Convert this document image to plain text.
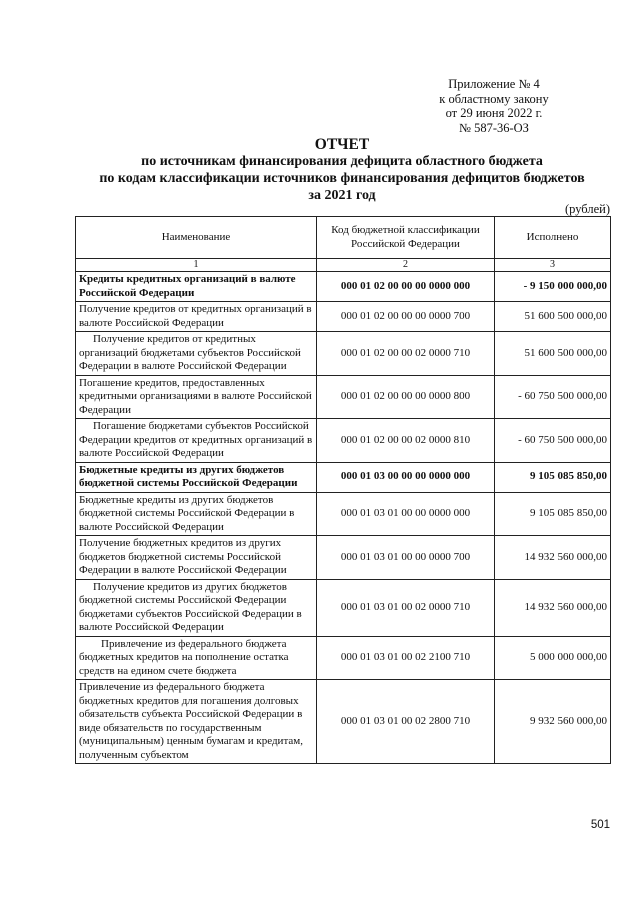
Приложение № 4
к областному закону
от 29 июня 2022 г.
№ 587-36-ОЗ
ОТЧЕТ
по источникам финансирования дефицита областного бюджета
по кодам классификации источников финансирования дефицитов бюджетов
за 2021 год
(рублей)
Наименование	Код бюджетной классификации Российской Федерации	Исполнено
1	2	3
Кредиты кредитных организаций в валюте Российской Федерации	000 01 02 00 00 00 0000 000	- 9 150 000 000,00
Получение кредитов от кредитных организаций в валюте Российской Федерации	000 01 02 00 00 00 0000 700	51 600 500 000,00
Получение кредитов от кредитных организаций бюджетами субъектов Российской Федерации в валюте Российской Федерации	000 01 02 00 00 02 0000 710	51 600 500 000,00
Погашение кредитов, предоставленных кредитными организациями в валюте Российской Федерации	000 01 02 00 00 00 0000 800	- 60 750 500 000,00
Погашение бюджетами субъектов Российской Федерации кредитов от кредитных организаций в валюте Российской Федерации	000 01 02 00 00 02 0000 810	- 60 750 500 000,00
Бюджетные кредиты из других бюджетов бюджетной системы Российской Федерации	000 01 03 00 00 00 0000 000	9 105 085 850,00
Бюджетные кредиты из других бюджетов бюджетной системы Российской Федерации в валюте Российской Федерации	000 01 03 01 00 00 0000 000	9 105 085 850,00
Получение бюджетных кредитов из других бюджетов бюджетной системы Российской Федерации в валюте Российской Федерации	000 01 03 01 00 00 0000 700	14 932 560 000,00
Получение кредитов из других бюджетов бюджетной системы Российской Федерации бюджетами субъектов Российской Федерации в валюте Российской Федерации	000 01 03 01 00 02 0000 710	14 932 560 000,00
Привлечение из федерального бюджета бюджетных кредитов на пополнение остатка средств на едином счете бюджета	000 01 03 01 00 02 2100 710	5 000 000 000,00
Привлечение из федерального бюджета бюджетных кредитов для погашения долговых обязательств субъекта Российской Федерации в виде обязательств по государственным (муниципальным) ценным бумагам и кредитам, полученным субъектом	000 01 03 01 00 02 2800 710	9 932 560 000,00
501
